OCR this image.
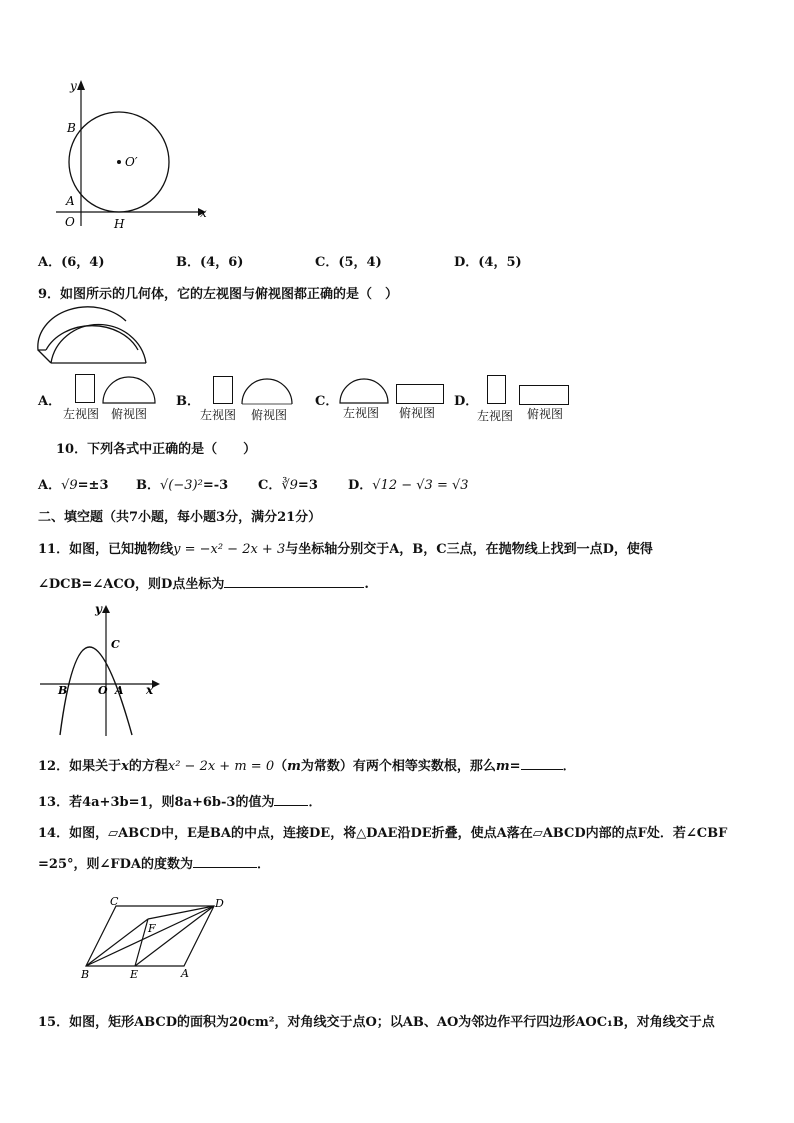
y
B
A
O	H
x
O′
A．(6，4)	B．(4，6)	C．(5，4)	D．(4，5)
9．如图所示的几何体，它的左视图与俯视图都正确的是（　）
A．
左视图 俯视图
B．
左视图 俯视图
C．
左视图 俯视图
D．
左视图 俯视图
10．下列各式中正确的是（　　）
A．√9=±3 B．√(−3)²=-3 C．∛9=3 D．√12 − √3 = √3
二、填空题（共7小题，每小题3分，满分21分）
11．如图，已知抛物线y = −x² − 2x + 3与坐标轴分别交于A，B，C三点，在抛物线上找到一点D，使得
∠DCB=∠ACO，则D点坐标为	.
y
C
B	O A x
12．如果关于x的方程x² − 2x + m = 0（m为常数）有两个相等实数根，那么m=	．
13．若4a+3b=1，则8a+6b-3的值为	．
14．如图，▱ABCD中，E是BA的中点，连接DE，将△DAE沿DE折叠，使点A落在▱ABCD内部的点F处．若∠CBF
=25°，则∠FDA的度数为	．
C	D
F
B	E	A
15．如图，矩形ABCD的面积为20cm²，对角线交于点O；以AB、AO为邻边作平行四边形AOC₁B，对角线交于点
